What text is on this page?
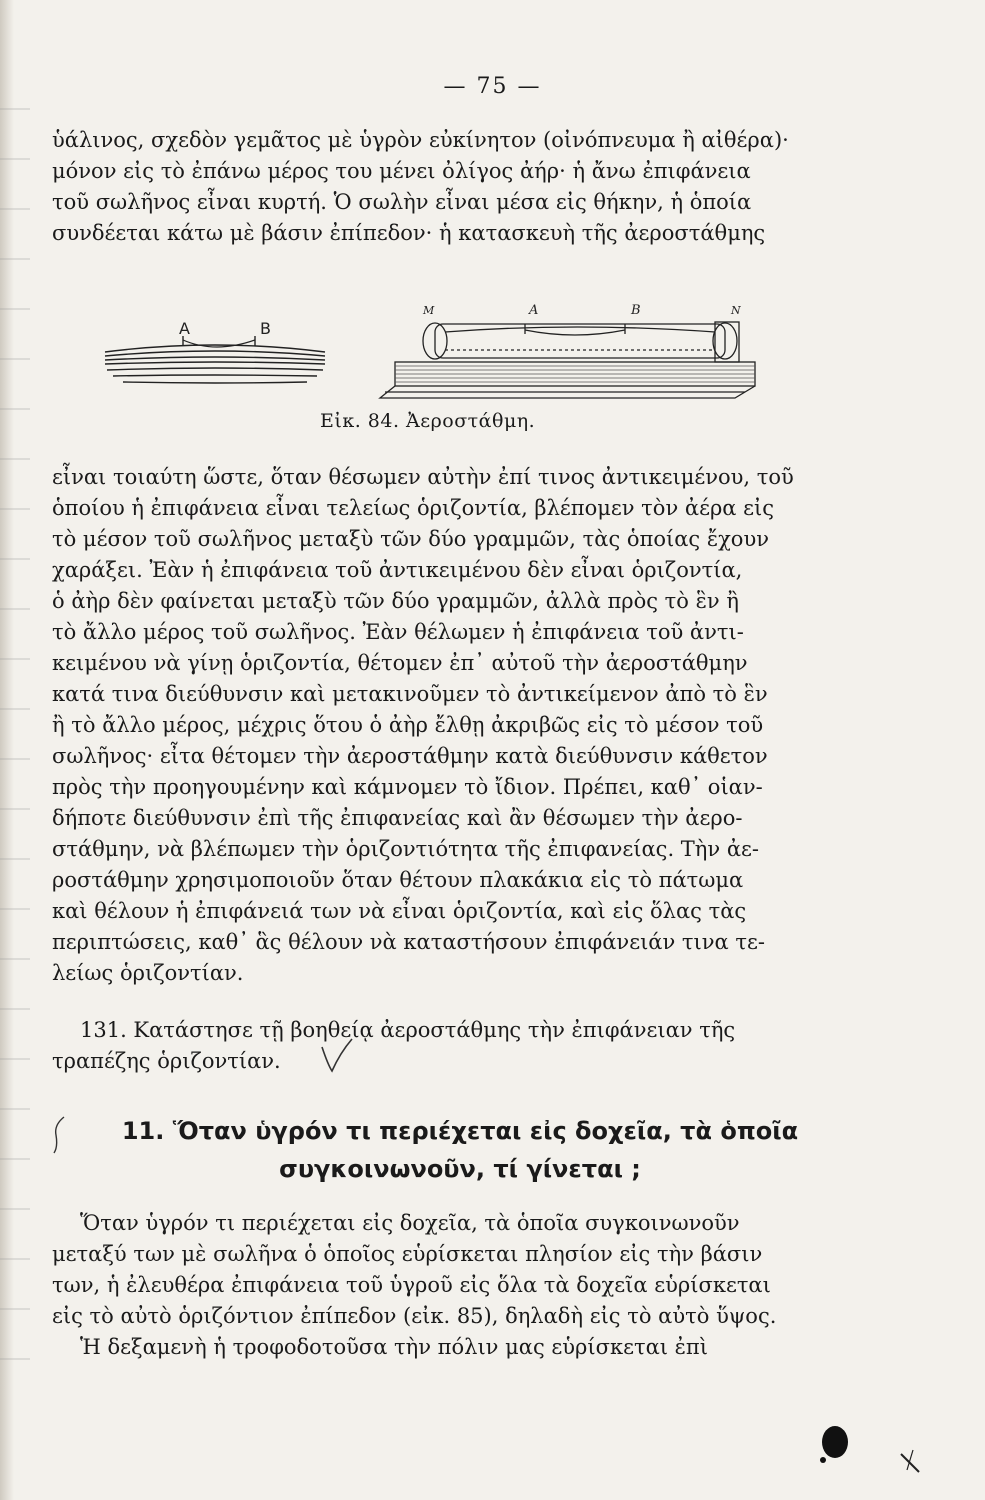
— 75 —
ὑάλινος, σχεδὸν γεμᾶτος μὲ ὑγρὸν εὐκίνητον (οἰνόπνευμα ἢ αἰθέρα)·
μόνον εἰς τὸ ἐπάνω μέρος του μένει ὀλίγος ἀήρ· ἡ ἄνω ἐπιφάνεια
τοῦ σωλῆνος εἶναι κυρτή. Ὁ σωλὴν εἶναι μέσα εἰς θήκην, ἡ ὁποία
συνδέεται κάτω μὲ βάσιν ἐπίπεδον· ἡ κατασκευὴ τῆς ἀεροστάθμης
A	B
M	A	B	N
Εἰκ. 84. Ἀεροστάθμη.
εἶναι τοιαύτη ὥστε, ὅταν θέσωμεν αὐτὴν ἐπί τινος ἀντικειμένου, τοῦ
ὁποίου ἡ ἐπιφάνεια εἶναι τελείως ὁριζοντία, βλέπομεν τὸν ἀέρα εἰς
τὸ μέσον τοῦ σωλῆνος μεταξὺ τῶν δύο γραμμῶν, τὰς ὁποίας ἔχουν
χαράξει. Ἐὰν ἡ ἐπιφάνεια τοῦ ἀντικειμένου δὲν εἶναι ὁριζοντία,
ὁ ἀὴρ δὲν φαίνεται μεταξὺ τῶν δύο γραμμῶν, ἀλλὰ πρὸς τὸ ἓν ἢ
τὸ ἄλλο μέρος τοῦ σωλῆνος. Ἐὰν θέλωμεν ἡ ἐπιφάνεια τοῦ ἀντι-
κειμένου νὰ γίνῃ ὁριζοντία, θέτομεν ἐπ᾽ αὐτοῦ τὴν ἀεροστάθμην
κατά τινα διεύθυνσιν καὶ μετακινοῦμεν τὸ ἀντικείμενον ἀπὸ τὸ ἓν
ἢ τὸ ἄλλο μέρος, μέχρις ὅτου ὁ ἀὴρ ἔλθῃ ἀκριβῶς εἰς τὸ μέσον τοῦ
σωλῆνος· εἶτα θέτομεν τὴν ἀεροστάθμην κατὰ διεύθυνσιν κάθετον
πρὸς τὴν προηγουμένην καὶ κάμνομεν τὸ ἴδιον. Πρέπει, καθ᾽ οἱαν-
δήποτε διεύθυνσιν ἐπὶ τῆς ἐπιφανείας καὶ ἂν θέσωμεν τὴν ἀερο-
στάθμην, νὰ βλέπωμεν τὴν ὁριζοντιότητα τῆς ἐπιφανείας. Τὴν ἀε-
ροστάθμην χρησιμοποιοῦν ὅταν θέτουν πλακάκια εἰς τὸ πάτωμα
καὶ θέλουν ἡ ἐπιφάνειά των νὰ εἶναι ὁριζοντία, καὶ εἰς ὅλας τὰς
περιπτώσεις, καθ᾽ ἃς θέλουν νὰ καταστήσουν ἐπιφάνειάν τινα τε-
λείως ὁριζοντίαν.
131. Κατάστησε τῇ βοηθείᾳ ἀεροστάθμης τὴν ἐπιφάνειαν τῆς
τραπέζης ὁριζοντίαν.
11. Ὅταν ὑγρόν τι περιέχεται εἰς δοχεῖα, τὰ ὁποῖα
συγκοινωνοῦν, τί γίνεται ;
Ὅταν ὑγρόν τι περιέχεται εἰς δοχεῖα, τὰ ὁποῖα συγκοινωνοῦν
μεταξύ των μὲ σωλῆνα ὁ ὁποῖος εὑρίσκεται πλησίον εἰς τὴν βάσιν
των, ἡ ἐλευθέρα ἐπιφάνεια τοῦ ὑγροῦ εἰς ὅλα τὰ δοχεῖα εὑρίσκεται
εἰς τὸ αὐτὸ ὁριζόντιον ἐπίπεδον (εἰκ. 85), δηλαδὴ εἰς τὸ αὐτὸ ὕψος.
Ἡ δεξαμενὴ ἡ τροφοδοτοῦσα τὴν πόλιν μας εὑρίσκεται ἐπὶ
